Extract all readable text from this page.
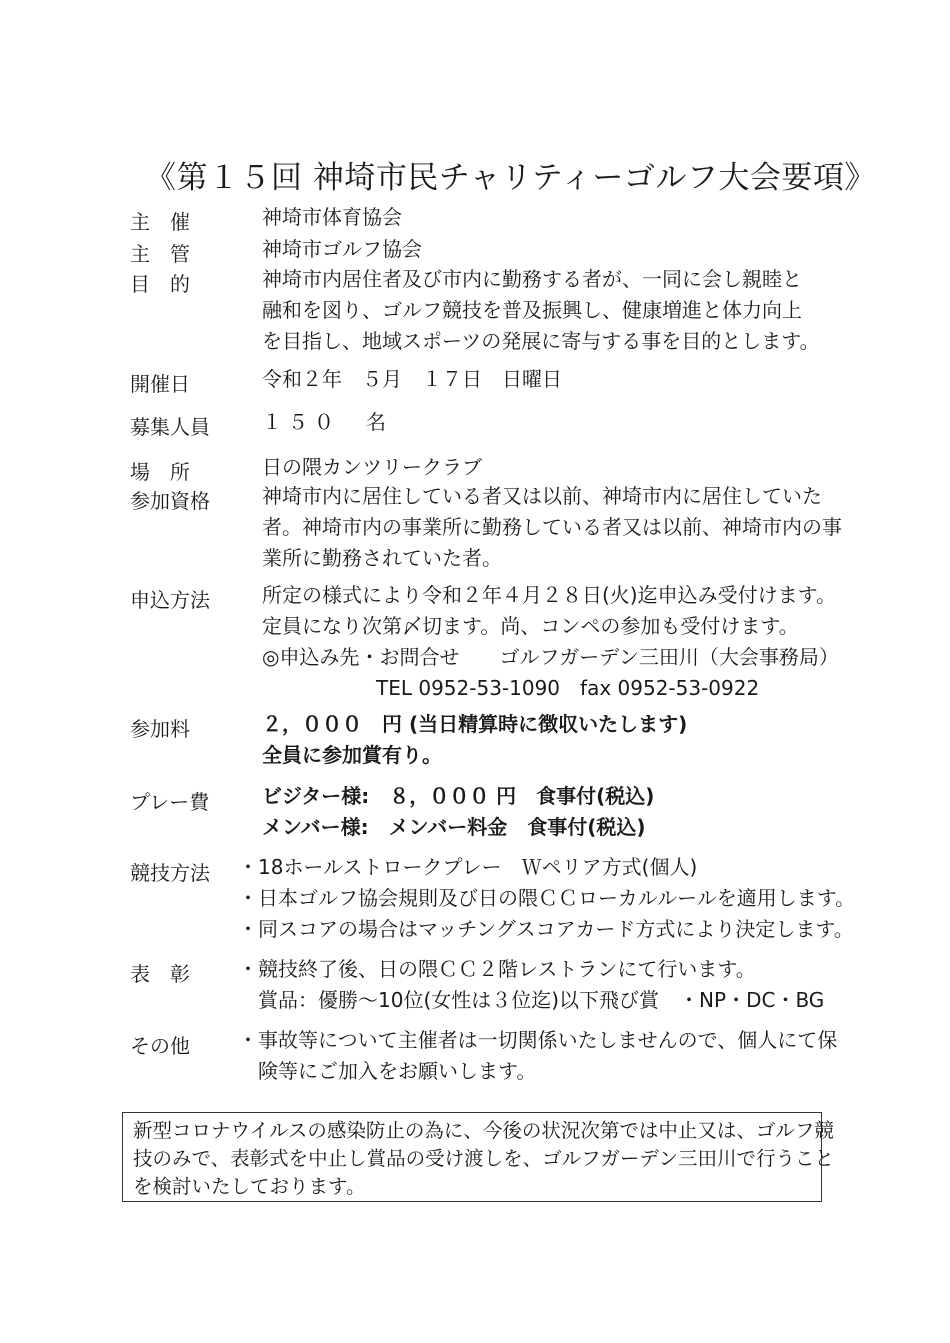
《第１５回 神埼市民チャリティーゴルフ大会要項》
主　催	神埼市体育協会
主　管	神埼市ゴルフ協会
目　的	神埼市内居住者及び市内に勤務する者が、一同に会し親睦と
融和を図り、ゴルフ競技を普及振興し、健康増進と体力向上
を目指し、地域スポーツの発展に寄与する事を目的とします。
開催日	令和２年　５月　１７日　日曜日
募集人員	１５０　名
場　所	日の隈カンツリークラブ
参加資格	神埼市内に居住している者又は以前、神埼市内に居住していた
者。神埼市内の事業所に勤務している者又は以前、神埼市内の事
業所に勤務されていた者。
申込方法	所定の様式により令和２年４月２８日(火)迄申込み受付けます。
定員になり次第〆切ます。尚、コンペの参加も受付けます。
◎申込み先・お問合せ　　ゴルフガーデン三田川（大会事務局）
TEL 0952-53-1090　fax 0952-53-0922
参加料	２，０００　円 (当日精算時に徴収いたします)
全員に参加賞有り。
プレー費	ビジター様:　８，０００ 円　食事付(税込)
メンバー様:　メンバー料金　食事付(税込)
競技方法	・18ホールストロークプレー　Ｗペリア方式(個人)
・日本ゴルフ協会規則及び日の隈ＣＣローカルルールを適用します。
・同スコアの場合はマッチングスコアカード方式により決定します。
表　彰	・競技終了後、日の隈ＣＣ２階レストランにて行います。
賞品：優勝～10位(女性は３位迄)以下飛び賞　・NP・DC・BG
その他	・事故等について主催者は一切関係いたしませんので、個人にて保
険等にご加入をお願いします。
新型コロナウイルスの感染防止の為に、今後の状況次第では中止又は、ゴルフ競
技のみで、表彰式を中止し賞品の受け渡しを、ゴルフガーデン三田川で行うこと
を検討いたしております。
